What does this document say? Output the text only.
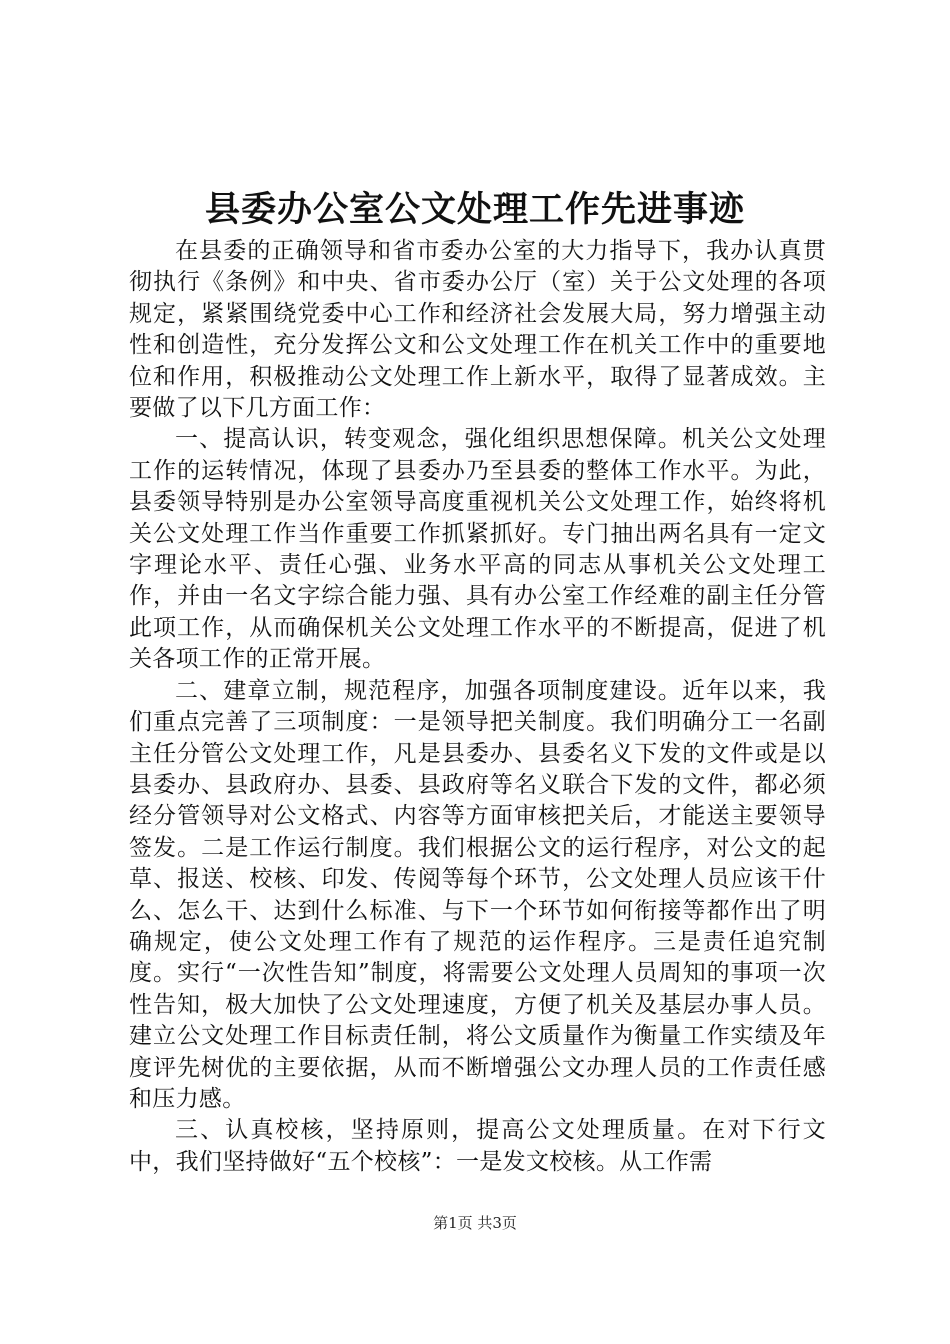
县委办公室公文处理工作先进事迹

在县委的正确领导和省市委办公室的大力指导下，我办认真贯彻执行《条例》和中央、省市委办公厅（室）关于公文处理的各项规定，紧紧围绕党委中心工作和经济社会发展大局，努力增强主动性和创造性，充分发挥公文和公文处理工作在机关工作中的重要地位和作用，积极推动公文处理工作上新水平，取得了显著成效。主要做了以下几方面工作：

一、提高认识，转变观念，强化组织思想保障。机关公文处理工作的运转情况，体现了县委办乃至县委的整体工作水平。为此，县委领导特别是办公室领导高度重视机关公文处理工作，始终将机关公文处理工作当作重要工作抓紧抓好。专门抽出两名具有一定文字理论水平、责任心强、业务水平高的同志从事机关公文处理工作，并由一名文字综合能力强、具有办公室工作经难的副主任分管此项工作，从而确保机关公文处理工作水平的不断提高，促进了机关各项工作的正常开展。

二、建章立制，规范程序，加强各项制度建设。近年以来，我们重点完善了三项制度：一是领导把关制度。我们明确分工一名副主任分管公文处理工作，凡是县委办、县委名义下发的文件或是以县委办、县政府办、县委、县政府等名义联合下发的文件，都必须经分管领导对公文格式、内容等方面审核把关后，才能送主要领导签发。二是工作运行制度。我们根据公文的运行程序，对公文的起草、报送、校核、印发、传阅等每个环节，公文处理人员应该干什么、怎么干、达到什么标准、与下一个环节如何衔接等都作出了明确规定，使公文处理工作有了规范的运作程序。三是责任追究制度。实行“一次性告知”制度，将需要公文处理人员周知的事项一次性告知，极大加快了公文处理速度，方便了机关及基层办事人员。建立公文处理工作目标责任制，将公文质量作为衡量工作实绩及年度评先树优的主要依据，从而不断增强公文办理人员的工作责任感和压力感。

三、认真校核，坚持原则，提高公文处理质量。在对下行文中，我们坚持做好“五个校核”：一是发文校核。从工作需

第1页 共3页
